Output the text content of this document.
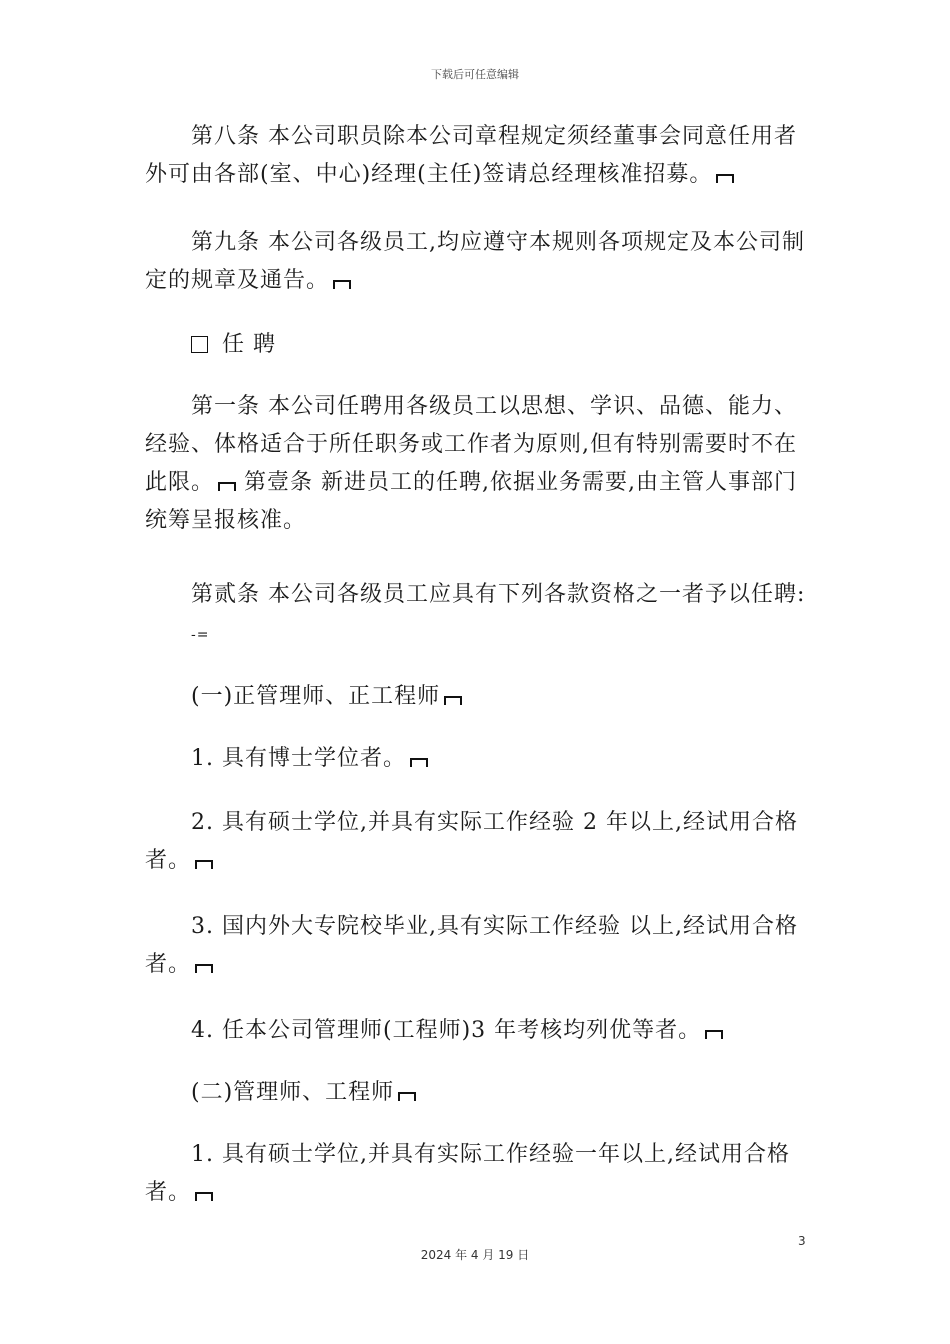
下载后可任意编辑

第八条 本公司职员除本公司章程规定须经董事会同意任用者外可由各部(室、中心)经理(主任)签请总经理核准招募。

第九条 本公司各级员工,均应遵守本规则各项规定及本公司制定的规章及通告。

任 聘

第一条 本公司任聘用各级员工以思想、学识、品德、能力、经验、体格适合于所任职务或工作者为原则,但有特别需要时不在此限。 第壹条 新进员工的任聘,依据业务需要,由主管人事部门统筹呈报核准。

第贰条 本公司各级员工应具有下列各款资格之一者予以任聘:
-=

(一)正管理师、正工程师

1. 具有博士学位者。

2. 具有硕士学位,并具有实际工作经验 2 年以上,经试用合格者。

3. 国内外大专院校毕业,具有实际工作经验 以上,经试用合格者。

4. 任本公司管理师(工程师)3 年考核均列优等者。

(二)管理师、工程师

1. 具有硕士学位,并具有实际工作经验一年以上,经试用合格者。

3
2024 年 4 月 19 日
